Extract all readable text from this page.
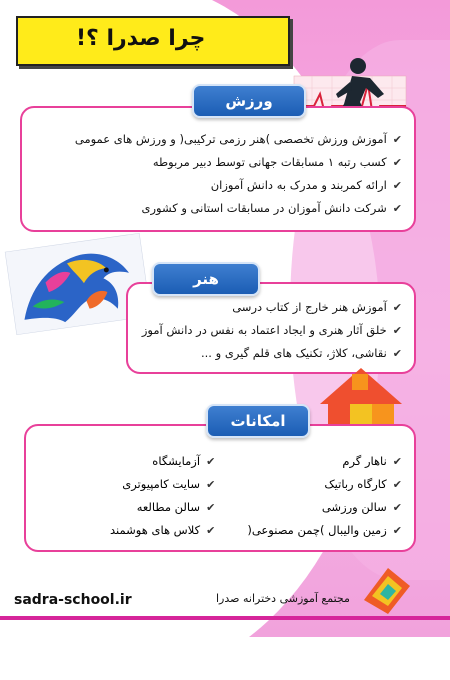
چرا صدرا ؟!
ورزش
✔آموزش ورزش تخصصی )هنر رزمی ترکیبی( و ورزش های عمومی
✔کسب رتبه ۱ مسابقات جهانی توسط دبیر مربوطه
✔ارائه کمربند و مدرک به دانش آموزان
✔شرکت دانش آموزان در مسابقات استانی و کشوری
هنر
✔آموزش هنر خارج از کتاب درسی
✔خلق آثار هنری و ایجاد اعتماد به نفس در دانش آموز
✔نقاشی، کلاژ، تکنیک های قلم گیری و ...
امکانات
✔ناهار گرم
✔کارگاه رباتیک
✔سالن ورزشی
✔زمین والیبال )چمن مصنوعی(
✔آزمایشگاه
✔سایت کامپیوتری
✔سالن مطالعه
✔کلاس های هوشمند
sadra-school.ir	مجتمع آموزشی دخترانه صدرا
